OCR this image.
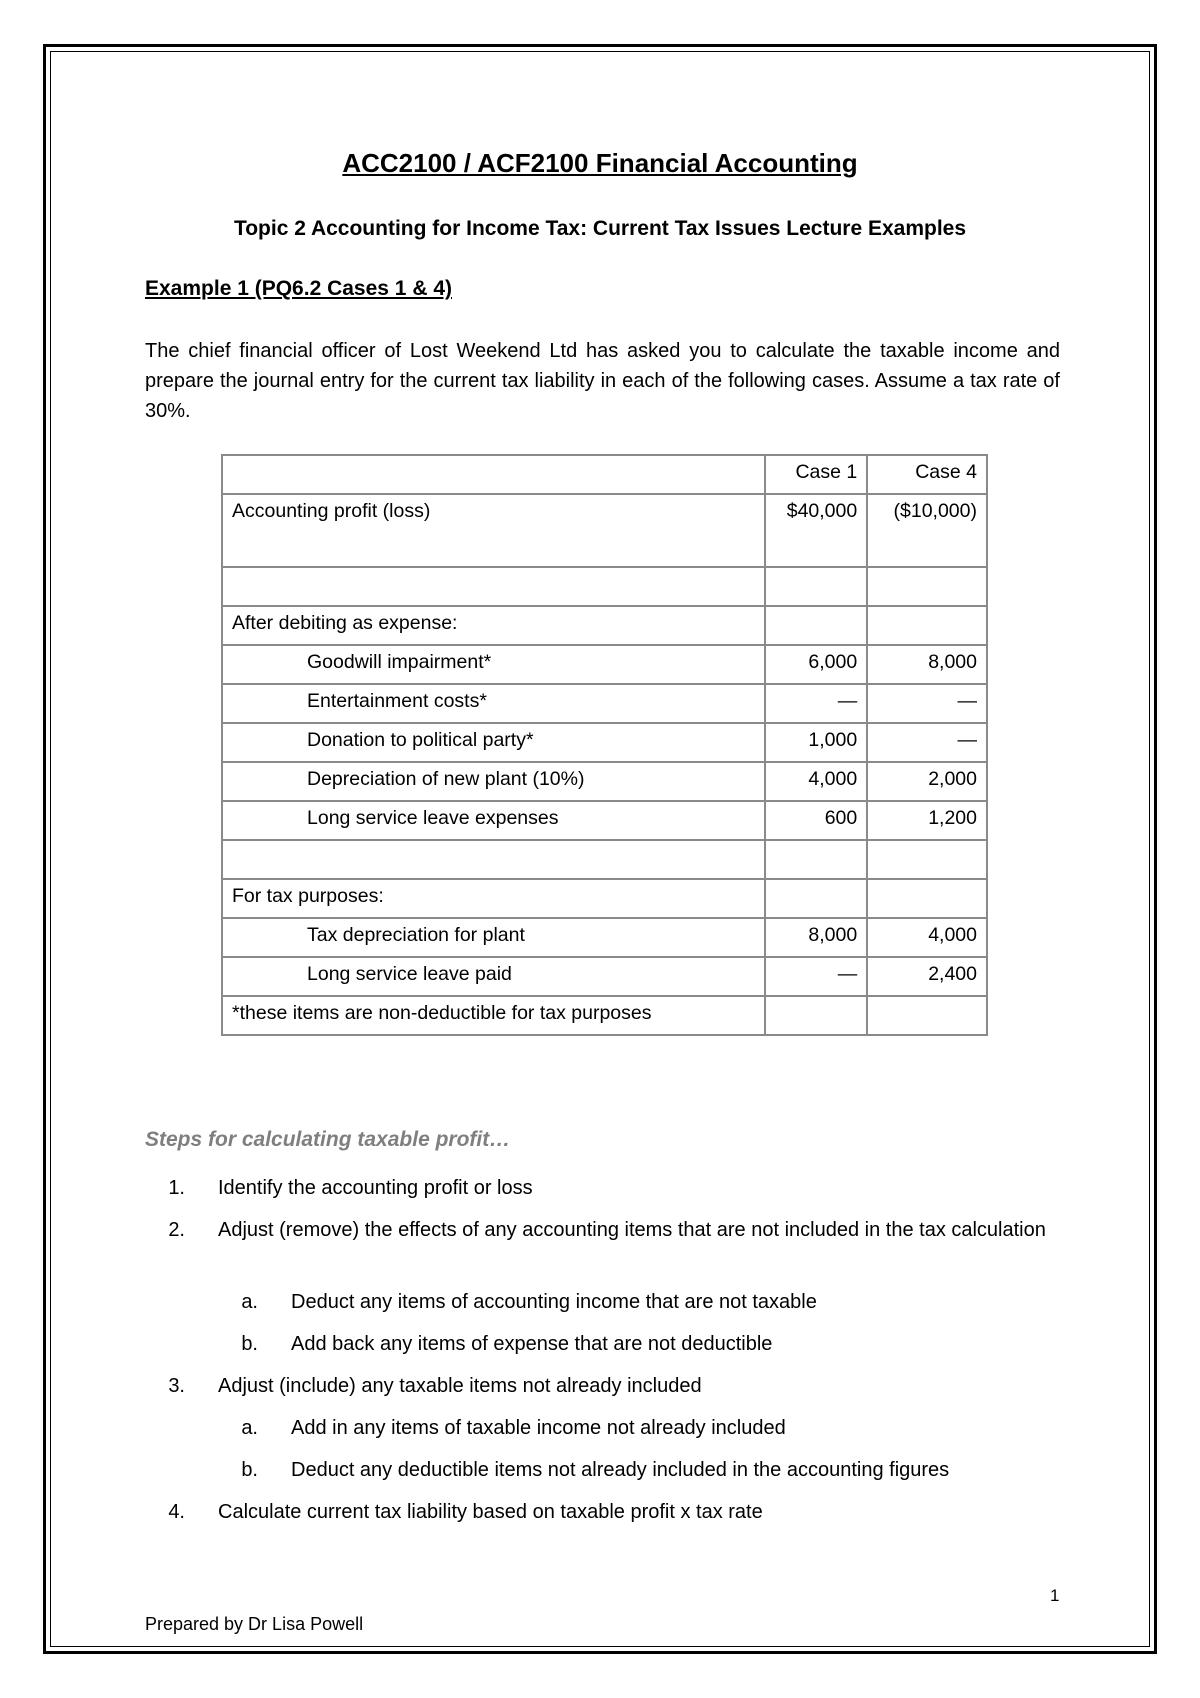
ACC2100 / ACF2100 Financial Accounting
Topic 2 Accounting for Income Tax: Current Tax Issues Lecture Examples
Example 1 (PQ6.2 Cases 1 & 4)
The chief financial officer of Lost Weekend Ltd has asked you to calculate the taxable income and prepare the journal entry for the current tax liability in each of the following cases. Assume a tax rate of 30%.
	Case 1	Case 4
Accounting profit (loss)	$40,000	($10,000)

After debiting as expense:		
Goodwill impairment*	6,000	8,000
Entertainment costs*	—	—
Donation to political party*	1,000	—
Depreciation of new plant (10%)	4,000	2,000
Long service leave expenses	600	1,200

For tax purposes:		
Tax depreciation for plant	8,000	4,000
Long service leave paid	—	2,400
*these items are non-deductible for tax purposes		
Steps for calculating taxable profit…
1. Identify the accounting profit or loss
2. Adjust (remove) the effects of any accounting items that are not included in the tax calculation
a. Deduct any items of accounting income that are not taxable
b. Add back any items of expense that are not deductible
3. Adjust (include) any taxable items not already included
a. Add in any items of taxable income not already included
b. Deduct any deductible items not already included in the accounting figures
4. Calculate current tax liability based on taxable profit x tax rate
1
Prepared by Dr Lisa Powell
